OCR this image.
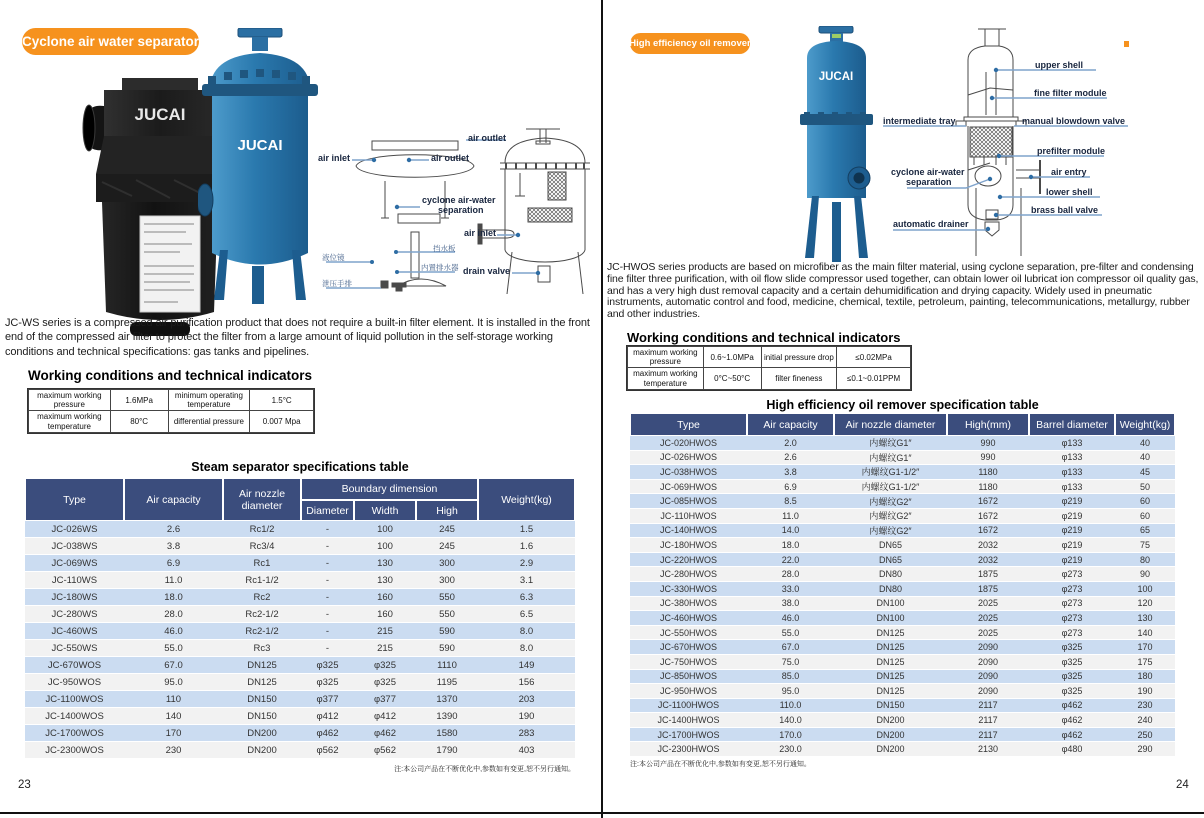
Cyclone air water separator
JUCAI
JUCAI
air inlet	air outlet
air outlet
cyclone air-water
separation
挡水板
液位镜
内置排水器
泄压手排
air inlet
drain valve
JC-WS series is a compressed air purification product that does not require a built-in filter element. It is installed in the front end of the compressed air filter to protect the filter from a large amount of liquid pollution in the self-storage working conditions and technical specifications: gas tanks and pipelines.
Working conditions and technical indicators
maximum working pressure	1.6MPa	minimum operating temperature	1.5°C
maximum working temperature	80°C	differential pressure	0.007 Mpa
Steam separator specifications table
Type	Air capacity	Air nozzle diameter	Boundary dimension			Weight(kg)
			Diameter	Width	High	
JC-026WS	2.6	Rc1/2	-	100	245	1.5
JC-038WS	3.8	Rc3/4	-	100	245	1.6
JC-069WS	6.9	Rc1	-	130	300	2.9
JC-110WS	11.0	Rc1-1/2	-	130	300	3.1
JC-180WS	18.0	Rc2	-	160	550	6.3
JC-280WS	28.0	Rc2-1/2	-	160	550	6.5
JC-460WS	46.0	Rc2-1/2	-	215	590	8.0
JC-550WS	55.0	Rc3	-	215	590	8.0
JC-670WOS	67.0	DN125	φ325	φ325	1110	149
JC-950WOS	95.0	DN125	φ325	φ325	1195	156
JC-1100WOS	110	DN150	φ377	φ377	1370	203
JC-1400WOS	140	DN150	φ412	φ412	1390	190
JC-1700WOS	170	DN200	φ462	φ462	1580	283
JC-2300WOS	230	DN200	φ562	φ562	1790	403
注:本公司产品在不断优化中,参数如有变更,恕不另行通知。
23
High efficiency oil remover
JUCAI
upper shell
fine filter module
intermediate tray	manual blowdown valve
prefilter module
cyclone air-water
separation
air entry
lower shell
brass ball valve
automatic drainer
JC-HWOS series products are based on microfiber as the main filter material, using cyclone separation, pre-filter and condensing fine filter three purification, with oil flow slide compressor used together, can obtain lower oil lubricat ion compressor oil quality gas, and has a very high dust removal capacity and a certain dehumidification and drying capacity. Widely used in pneumatic instruments, automatic control and food, medicine, chemical, textile, petroleum, painting, telecommunications, metallurgy, rubber and other industries.
Working conditions and technical indicators
maximum working pressure	0.6~1.0MPa	initial pressure drop	≤0.02MPa
maximum working temperature	0°C~50°C	filter fineness	≤0.1~0.01PPM
High efficiency oil remover specification table
Type	Air capacity	Air nozzle diameter	High(mm)	Barrel diameter	Weight(kg)
JC-020HWOS	2.0	内螺纹G1″	990	φ133	40
JC-026HWOS	2.6	内螺纹G1″	990	φ133	40
JC-038HWOS	3.8	内螺纹G1-1/2″	1180	φ133	45
JC-069HWOS	6.9	内螺纹G1-1/2″	1180	φ133	50
JC-085HWOS	8.5	内螺纹G2″	1672	φ219	60
JC-110HWOS	11.0	内螺纹G2″	1672	φ219	60
JC-140HWOS	14.0	内螺纹G2″	1672	φ219	65
JC-180HWOS	18.0	DN65	2032	φ219	75
JC-220HWOS	22.0	DN65	2032	φ219	80
JC-280HWOS	28.0	DN80	1875	φ273	90
JC-330HWOS	33.0	DN80	1875	φ273	100
JC-380HWOS	38.0	DN100	2025	φ273	120
JC-460HWOS	46.0	DN100	2025	φ273	130
JC-550HWOS	55.0	DN125	2025	φ273	140
JC-670HWOS	67.0	DN125	2090	φ325	170
JC-750HWOS	75.0	DN125	2090	φ325	175
JC-850HWOS	85.0	DN125	2090	φ325	180
JC-950HWOS	95.0	DN125	2090	φ325	190
JC-1100HWOS	110.0	DN150	2117	φ462	230
JC-1400HWOS	140.0	DN200	2117	φ462	240
JC-1700HWOS	170.0	DN200	2117	φ462	250
JC-2300HWOS	230.0	DN200	2130	φ480	290
注:本公司产品在不断优化中,参数如有变更,恕不另行通知。
24
